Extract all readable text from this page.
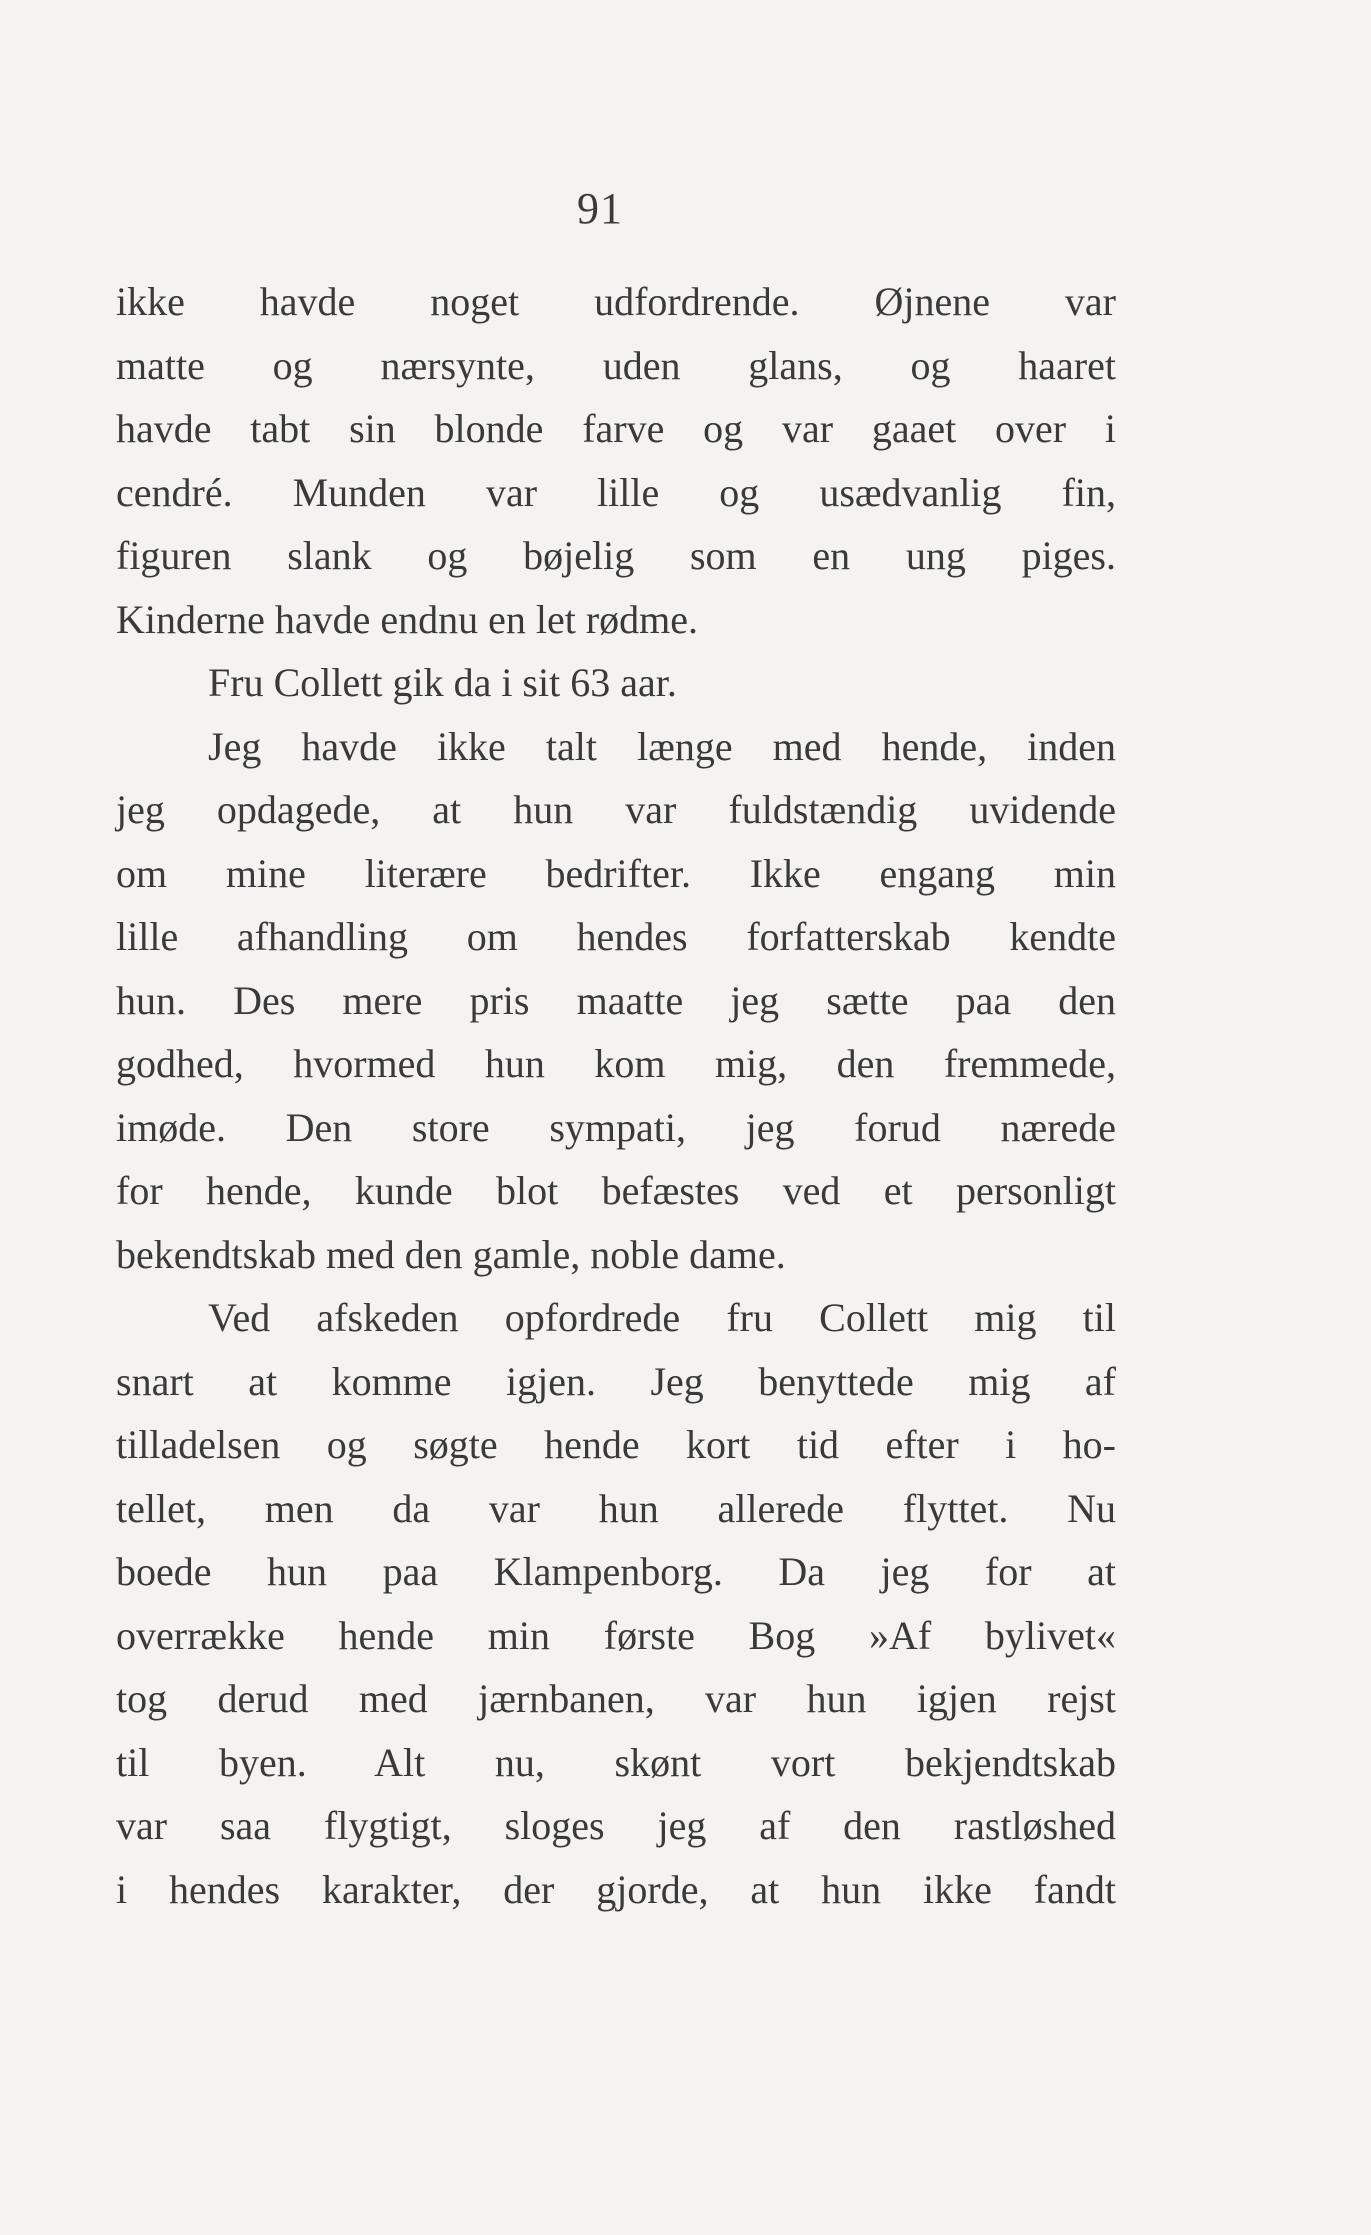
91
ikke havde noget udfordrende. Øjnene var
matte og nærsynte, uden glans, og haaret
havde tabt sin blonde farve og var gaaet over i
cendré. Munden var lille og usædvanlig fin,
figuren slank og bøjelig som en ung piges.
Kinderne havde endnu en let rødme.
Fru Collett gik da i sit 63 aar.
Jeg havde ikke talt længe med hende, inden
jeg opdagede, at hun var fuldstændig uvidende
om mine literære bedrifter. Ikke engang min
lille afhandling om hendes forfatterskab kendte
hun. Des mere pris maatte jeg sætte paa den
godhed, hvormed hun kom mig, den fremmede,
imøde. Den store sympati, jeg forud nærede
for hende, kunde blot befæstes ved et personligt
bekendtskab med den gamle, noble dame.
Ved afskeden opfordrede fru Collett mig til
snart at komme igjen. Jeg benyttede mig af
tilladelsen og søgte hende kort tid efter i ho-
tellet, men da var hun allerede flyttet. Nu
boede hun paa Klampenborg. Da jeg for at
overrække hende min første Bog »Af bylivet«
tog derud med jærnbanen, var hun igjen rejst
til byen. Alt nu, skønt vort bekjendtskab
var saa flygtigt, sloges jeg af den rastløshed
i hendes karakter, der gjorde, at hun ikke fandt
